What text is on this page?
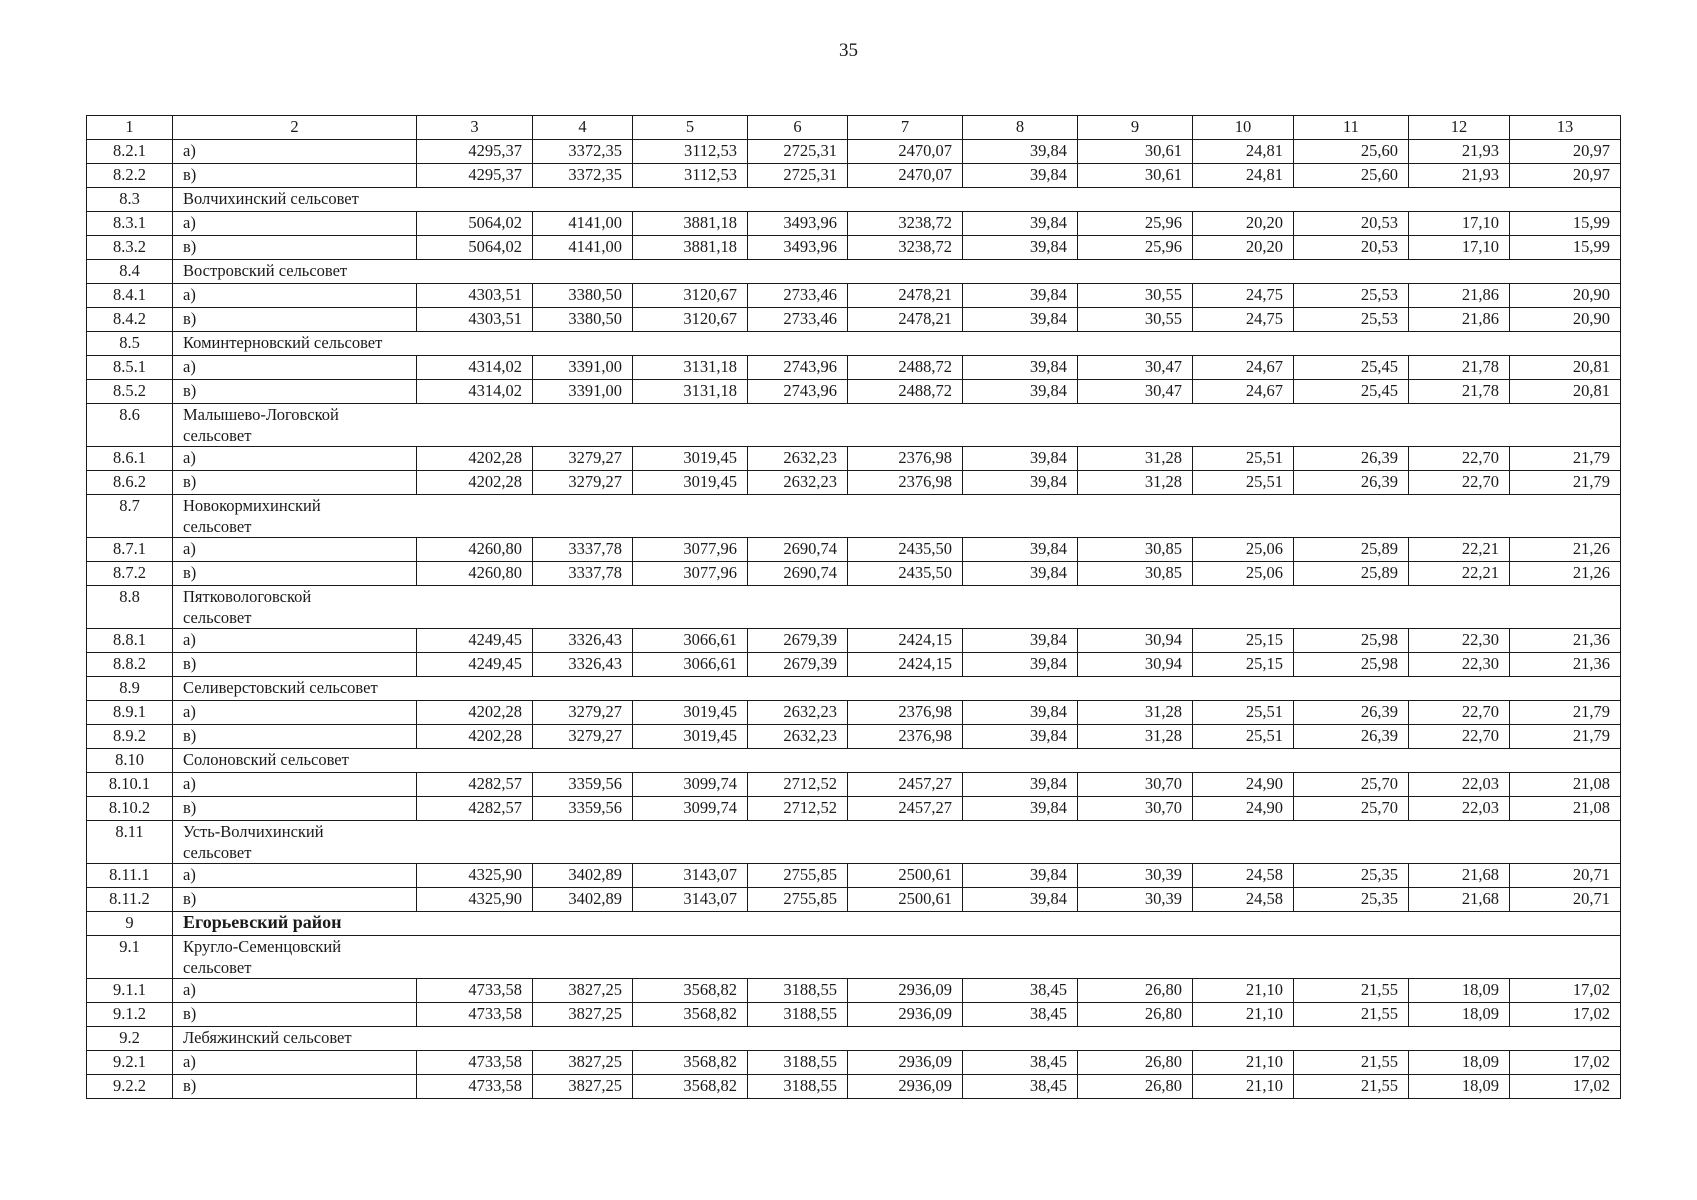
35
1	2	3	4	5	6	7	8	9	10	11	12	13
8.2.1	а)	4295,37	3372,35	3112,53	2725,31	2470,07	39,84	30,61	24,81	25,60	21,93	20,97
8.2.2	в)	4295,37	3372,35	3112,53	2725,31	2470,07	39,84	30,61	24,81	25,60	21,93	20,97
8.3	Волчихинский сельсовет											
8.3.1	а)	5064,02	4141,00	3881,18	3493,96	3238,72	39,84	25,96	20,20	20,53	17,10	15,99
8.3.2	в)	5064,02	4141,00	3881,18	3493,96	3238,72	39,84	25,96	20,20	20,53	17,10	15,99
8.4	Востровский сельсовет											
8.4.1	а)	4303,51	3380,50	3120,67	2733,46	2478,21	39,84	30,55	24,75	25,53	21,86	20,90
8.4.2	в)	4303,51	3380,50	3120,67	2733,46	2478,21	39,84	30,55	24,75	25,53	21,86	20,90
8.5	Коминтерновский сельсовет											
8.5.1	а)	4314,02	3391,00	3131,18	2743,96	2488,72	39,84	30,47	24,67	25,45	21,78	20,81
8.5.2	в)	4314,02	3391,00	3131,18	2743,96	2488,72	39,84	30,47	24,67	25,45	21,78	20,81
8.6	Малышево-Логовской сельсовет											
8.6.1	а)	4202,28	3279,27	3019,45	2632,23	2376,98	39,84	31,28	25,51	26,39	22,70	21,79
8.6.2	в)	4202,28	3279,27	3019,45	2632,23	2376,98	39,84	31,28	25,51	26,39	22,70	21,79
8.7	Новокормихинский сельсовет											
8.7.1	а)	4260,80	3337,78	3077,96	2690,74	2435,50	39,84	30,85	25,06	25,89	22,21	21,26
8.7.2	в)	4260,80	3337,78	3077,96	2690,74	2435,50	39,84	30,85	25,06	25,89	22,21	21,26
8.8	Пятковологовской сельсовет											
8.8.1	а)	4249,45	3326,43	3066,61	2679,39	2424,15	39,84	30,94	25,15	25,98	22,30	21,36
8.8.2	в)	4249,45	3326,43	3066,61	2679,39	2424,15	39,84	30,94	25,15	25,98	22,30	21,36
8.9	Селиверстовский сельсовет											
8.9.1	а)	4202,28	3279,27	3019,45	2632,23	2376,98	39,84	31,28	25,51	26,39	22,70	21,79
8.9.2	в)	4202,28	3279,27	3019,45	2632,23	2376,98	39,84	31,28	25,51	26,39	22,70	21,79
8.10	Солоновский сельсовет											
8.10.1	а)	4282,57	3359,56	3099,74	2712,52	2457,27	39,84	30,70	24,90	25,70	22,03	21,08
8.10.2	в)	4282,57	3359,56	3099,74	2712,52	2457,27	39,84	30,70	24,90	25,70	22,03	21,08
8.11	Усть-Волчихинский сельсовет											
8.11.1	а)	4325,90	3402,89	3143,07	2755,85	2500,61	39,84	30,39	24,58	25,35	21,68	20,71
8.11.2	в)	4325,90	3402,89	3143,07	2755,85	2500,61	39,84	30,39	24,58	25,35	21,68	20,71
9	Егорьевский район											
9.1	Кругло-Семенцовский сельсовет											
9.1.1	а)	4733,58	3827,25	3568,82	3188,55	2936,09	38,45	26,80	21,10	21,55	18,09	17,02
9.1.2	в)	4733,58	3827,25	3568,82	3188,55	2936,09	38,45	26,80	21,10	21,55	18,09	17,02
9.2	Лебяжинский сельсовет											
9.2.1	а)	4733,58	3827,25	3568,82	3188,55	2936,09	38,45	26,80	21,10	21,55	18,09	17,02
9.2.2	в)	4733,58	3827,25	3568,82	3188,55	2936,09	38,45	26,80	21,10	21,55	18,09	17,02
